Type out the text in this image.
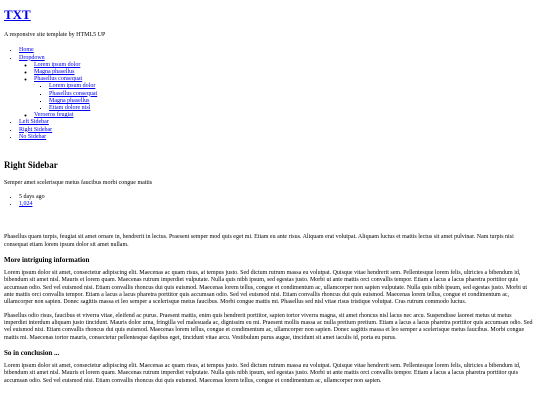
TXT

A responsive site template by HTML5 UP

• Home
• Dropdown
◦ Lorem ipsum dolor
◦ Magna phasellus
◦ Phasellus consequat
▪ Lorem ipsum dolor
▪ Phasellus consequat
▪ Magna phasellus
▪ Etiam dolore nisl
◦ Veroeros feugiat
• Left Sidebar
• Right Sidebar
• No Sidebar
Right Sidebar

Semper amet scelerisque metus faucibus morbi congue mattis

• 5 days ago
• 1,024

Phasellus quam turpis, feugiat sit amet ornare in, hendrerit in lectus. Praesent semper mod quis eget mi. Etiam eu ante risus. Aliquam erat volutpat. Aliquam luctus et mattis lectus sit amet pulvinar. Nam turpis nisi consequat etiam lorem ipsum dolor sit amet nullam.

More intriguing information

Lorem ipsum dolor sit amet, consectetur adipiscing elit. Maecenas ac quam risus, at tempus justo. Sed dictum rutrum massa eu volutpat. Quisque vitae hendrerit sem. Pellentesque lorem felis, ultricies a bibendum id, bibendum sit amet nisl. Mauris et lorem quam. Maecenas rutrum imperdiet vulputate. Nulla quis nibh ipsum, sed egestas justo. Morbi ut ante mattis orci convallis tempor. Etiam a lacus a lacus pharetra porttitor quis accumsan odio. Sed vel euismod nisi. Etiam convallis rhoncus dui quis euismod. Maecenas lorem tellus, congue et condimentum ac, ullamcorper non sapien vulputate. Nulla quis nibh ipsum, sed egestas justo. Morbi ut ante mattis orci convallis tempor. Etiam a lacus a lacus pharetra porttitor quis accumsan odio. Sed vel euismod nisi. Etiam convallis rhoncus dui quis euismod. Maecenas lorem tellus, congue et condimentum ac, ullamcorper non sapien. Donec sagittis massa et leo semper a scelerisque metus faucibus. Morbi congue mattis mi. Phasellus sed nisl vitae risus tristique volutpat. Cras rutrum commodo luctus.

Phasellus odio risus, faucibus et viverra vitae, eleifend ac purus. Praesent mattis, enim quis hendrerit porttitor, sapien tortor viverra magna, sit amet rhoncus nisl lacus nec arcu. Suspendisse laoreet metus ut metus imperdiet interdum aliquam justo tincidunt. Mauris dolor urna, fringilla vel malesuada ac, dignissim eu mi. Praesent mollis massa ac nulla pretium pretium. Etiam a lacus a lacus pharetra porttitor quis accumsan odio. Sed vel euismod nisi. Etiam convallis rhoncus dui quis euismod. Maecenas lorem tellus, congue et condimentum ac, ullamcorper non sapien. Donec sagittis massa et leo semper a scelerisque metus faucibus. Morbi congue mattis mi. Maecenas tortor mauris, consectetur pellentesque dapibus eget, tincidunt vitae arcu. Vestibulum purus augue, tincidunt sit amet iaculis id, porta eu purus.

So in conclusion ...

Lorem ipsum dolor sit amet, consectetur adipiscing elit. Maecenas ac quam risus, at tempus justo. Sed dictum rutrum massa eu volutpat. Quisque vitae hendrerit sem. Pellentesque lorem felis, ultricies a bibendum id, bibendum sit amet nisl. Mauris et lorem quam. Maecenas rutrum imperdiet vulputate. Nulla quis nibh ipsum, sed egestas justo. Morbi ut ante mattis orci convallis tempor. Etiam a lacus a lacus pharetra porttitor quis accumsan odio. Sed vel euismod nisi. Etiam convallis rhoncus dui quis euismod. Maecenas lorem tellus, congue et condimentum ac, ullamcorper non sapien.
